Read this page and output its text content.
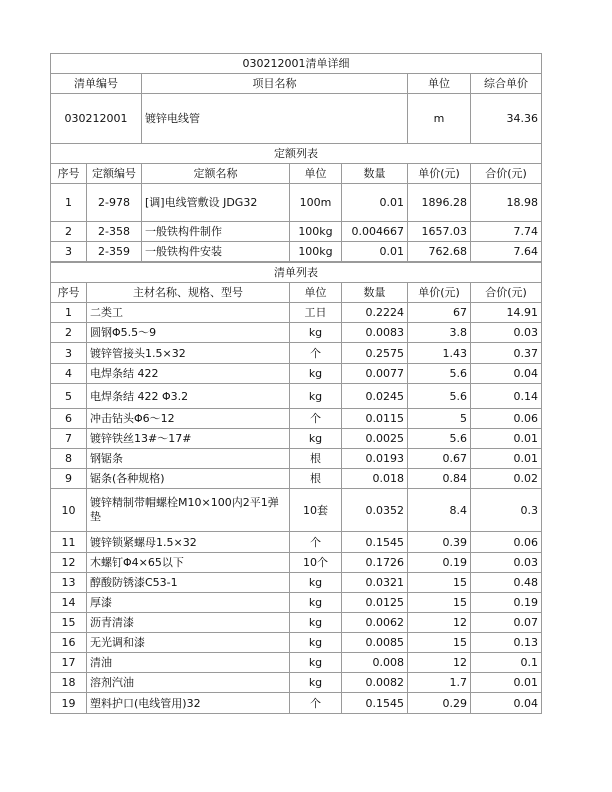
030212001清单详细			
清单编号	项目名称	单位	综合单价
030212001	镀锌电线管	m	34.36
定额列表						
序号	定额编号	定额名称	单位	数量	单价(元)	合价(元)
1	2-978	[调]电线管敷设 JDG32	100m	0.01	1896.28	18.98
2	2-358	一般铁构件制作	100kg	0.004667	1657.03	7.74
3	2-359	一般铁构件安装	100kg	0.01	762.68	7.64
清单列表					
序号	主材名称、规格、型号	单位	数量	单价(元)	合价(元)
1	二类工	工日	0.2224	67	14.91
2	圆钢Φ5.5～9	kg	0.0083	3.8	0.03
3	镀锌管接头1.5×32	个	0.2575	1.43	0.37
4	电焊条结 422	kg	0.0077	5.6	0.04
5	电焊条结 422 Φ3.2	kg	0.0245	5.6	0.14
6	冲击钻头Φ6～12	个	0.0115	5	0.06
7	镀锌铁丝13#～17#	kg	0.0025	5.6	0.01
8	钢锯条	根	0.0193	0.67	0.01
9	锯条(各种规格)	根	0.018	0.84	0.02
10	镀锌精制带帽螺栓M10×100内2平1弹垫	10套	0.0352	8.4	0.3
11	镀锌锁紧螺母1.5×32	个	0.1545	0.39	0.06
12	木螺钉Φ4×65以下	10个	0.1726	0.19	0.03
13	醇酸防锈漆C53-1	kg	0.0321	15	0.48
14	厚漆	kg	0.0125	15	0.19
15	沥青清漆	kg	0.0062	12	0.07
16	无光调和漆	kg	0.0085	15	0.13
17	清油	kg	0.008	12	0.1
18	溶剂汽油	kg	0.0082	1.7	0.01
19	塑料护口(电线管用)32	个	0.1545	0.29	0.04
